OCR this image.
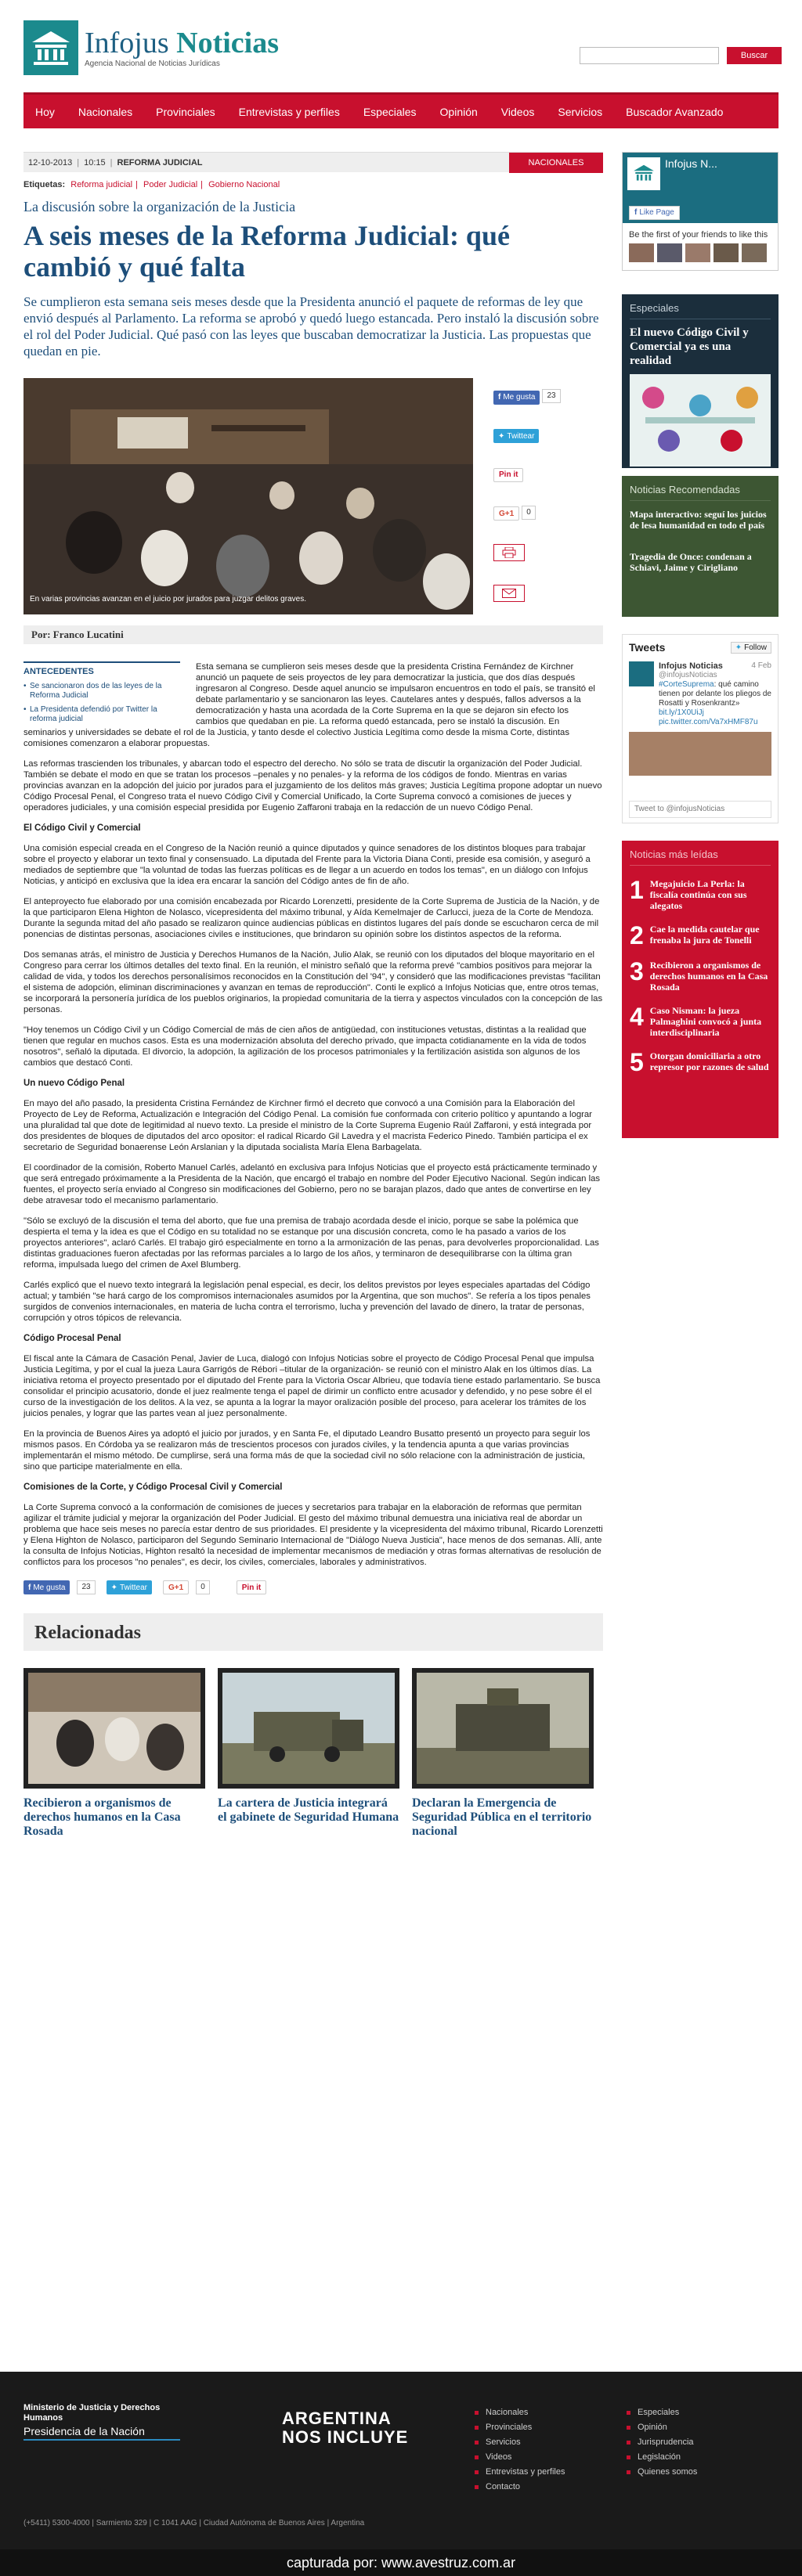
Infojus Noticias
Agencia Nacional de Noticias Jurídicas
Buscar
Hoy	Nacionales	Provinciales	Entrevistas y perfiles	Especiales	Opinión	Videos	Servicios	Buscador Avanzado
12-10-2013 | 10:15 | REFORMA JUDICIAL	NACIONALES
Etiquetas: Reforma judicial | Poder Judicial | Gobierno Nacional
La discusión sobre la organización de la Justicia
A seis meses de la Reforma Judicial: qué cambió y qué falta
Se cumplieron esta semana seis meses desde que la Presidenta anunció el paquete de reformas de ley que envió después al Parlamento. La reforma se aprobó y quedó luego estancada. Pero instaló la discusión sobre el rol del Poder Judicial. Qué pasó con las leyes que buscaban democratizar la Justicia. Las propuestas que quedan en pie.
En varias provincias avanzan en el juicio por jurados para juzgar delitos graves.
f Me gusta 23
✦ Twittear
Pin it
G+1 0
Por: Franco Lucatini
ANTECEDENTES
• Se sancionaron dos de las leyes de la Reforma Judicial
• La Presidenta defendió por Twitter la reforma judicial

Esta semana se cumplieron seis meses desde que la presidenta Cristina Fernández de Kirchner anunció un paquete de seis proyectos de ley para democratizar la justicia, que dos días después ingresaron al Congreso. Desde aquel anuncio se impulsaron encuentros en todo el país, se transitó el debate parlamentario y se sancionaron las leyes. Cautelares antes y después, fallos adversos a la democratización y hasta una acordada de la Corte Suprema en la que se dejaron sin efecto los cambios que quedaban en pie. La reforma quedó estancada, pero se instaló la discusión. En seminarios y universidades se debate el rol de la Justicia, y tanto desde el colectivo Justicia Legítima como desde la misma Corte, distintas comisiones comenzaron a elaborar propuestas.

Las reformas trascienden los tribunales, y abarcan todo el espectro del derecho. No sólo se trata de discutir la organización del Poder Judicial. También se debate el modo en que se tratan los procesos –penales y no penales- y la reforma de los códigos de fondo. Mientras en varias provincias avanzan en la adopción del juicio por jurados para el juzgamiento de los delitos más graves; Justicia Legítima propone adoptar un nuevo Código Procesal Penal, el Congreso trata el nuevo Código Civil y Comercial Unificado, la Corte Suprema convocó a comisiones de jueces y operadores judiciales, y una comisión especial presidida por Eugenio Zaffaroni trabaja en la redacción de un nuevo Código Penal.

El Código Civil y Comercial

Una comisión especial creada en el Congreso de la Nación reunió a quince diputados y quince senadores de los distintos bloques para trabajar sobre el proyecto y elaborar un texto final y consensuado. La diputada del Frente para la Victoria Diana Conti, preside esa comisión, y aseguró a mediados de septiembre que "la voluntad de todas las fuerzas políticas es de llegar a un acuerdo en todos los temas", en un diálogo con Infojus Noticias, y anticipó en exclusiva que la idea era encarar la sanción del Código antes de fin de año.

El anteproyecto fue elaborado por una comisión encabezada por Ricardo Lorenzetti, presidente de la Corte Suprema de Justicia de la Nación, y de la que participaron Elena Highton de Nolasco, vicepresidenta del máximo tribunal, y Aída Kemelmajer de Carlucci, jueza de la Corte de Mendoza. Durante la segunda mitad del año pasado se realizaron quince audiencias públicas en distintos lugares del país donde se escucharon cerca de mil ponencias de distintas personas, asociaciones civiles e instituciones, que brindaron su opinión sobre los distintos aspectos de la reforma.

Dos semanas atrás, el ministro de Justicia y Derechos Humanos de la Nación, Julio Alak, se reunió con los diputados del bloque mayoritario en el Congreso para cerrar los últimos detalles del texto final. En la reunión, el ministro señaló que la reforma prevé "cambios positivos para mejorar la calidad de vida, y todos los derechos personalísimos reconocidos en la Constitución del '94", y consideró que las modificaciones previstas "facilitan el sistema de adopción, eliminan discriminaciones y avanzan en temas de reproducción". Conti le explicó a Infojus Noticias que, entre otros temas, se incorporará la personería jurídica de los pueblos originarios, la propiedad comunitaria de la tierra y aspectos vinculados con la concepción de las personas.

"Hoy tenemos un Código Civil y un Código Comercial de más de cien años de antigüedad, con instituciones vetustas, distintas a la realidad que tienen que regular en muchos casos. Esta es una modernización absoluta del derecho privado, que impacta cotidianamente en la vida de todos nosotros", señaló la diputada. El divorcio, la adopción, la agilización de los procesos patrimoniales y la fertilización asistida son algunos de los cambios que destacó Conti.

Un nuevo Código Penal

En mayo del año pasado, la presidenta Cristina Fernández de Kirchner firmó el decreto que convocó a una Comisión para la Elaboración del Proyecto de Ley de Reforma, Actualización e Integración del Código Penal. La comisión fue conformada con criterio político y apuntando a lograr una pluralidad tal que dote de legitimidad al nuevo texto. La preside el ministro de la Corte Suprema Eugenio Raúl Zaffaroni, y está integrada por dos presidentes de bloques de diputados del arco opositor: el radical Ricardo Gil Lavedra y el macrista Federico Pinedo. También participa el ex secretario de Seguridad bonaerense León Arslanian y la diputada socialista María Elena Barbagelata.

El coordinador de la comisión, Roberto Manuel Carlés, adelantó en exclusiva para Infojus Noticias que el proyecto está prácticamente terminado y que será entregado próximamente a la Presidenta de la Nación, que encargó el trabajo en nombre del Poder Ejecutivo Nacional. Según indican las fuentes, el proyecto sería enviado al Congreso sin modificaciones del Gobierno, pero no se barajan plazos, dado que antes de convertirse en ley debe atravesar todo el mecanismo parlamentario.

"Sólo se excluyó de la discusión el tema del aborto, que fue una premisa de trabajo acordada desde el inicio, porque se sabe la polémica que despierta el tema y la idea es que el Código en su totalidad no se estanque por una discusión concreta, como le ha pasado a varios de los proyectos anteriores", aclaró Carlés. El trabajo giró especialmente en torno a la armonización de las penas, para devolverles proporcionalidad. Las distintas graduaciones fueron afectadas por las reformas parciales a lo largo de los años, y terminaron de desequilibrarse con la última gran reforma, impulsada luego del crimen de Axel Blumberg.

Carlés explicó que el nuevo texto integrará la legislación penal especial, es decir, los delitos previstos por leyes especiales apartadas del Código actual; y también "se hará cargo de los compromisos internacionales asumidos por la Argentina, que son muchos". Se refería a los tipos penales surgidos de convenios internacionales, en materia de lucha contra el terrorismo, lucha y prevención del lavado de dinero, la tratar de personas, corrupción y otros tópicos de relevancia.

Código Procesal Penal

El fiscal ante la Cámara de Casación Penal, Javier de Luca, dialogó con Infojus Noticias sobre el proyecto de Código Procesal Penal que impulsa Justicia Legítima, y por el cual la jueza Laura Garrigós de Rébori –titular de la organización- se reunió con el ministro Alak en los últimos días. La iniciativa retoma el proyecto presentado por el diputado del Frente para la Victoria Oscar Albrieu, que todavía tiene estado parlamentario. Se busca consolidar el principio acusatorio, donde el juez realmente tenga el papel de dirimir un conflicto entre acusador y defendido, y no pese sobre él el curso de la investigación de los delitos. A la vez, se apunta a la lograr la mayor oralización posible del proceso, para acelerar los trámites de los juicios penales, y lograr que las partes vean al juez personalmente.

En la provincia de Buenos Aires ya adoptó el juicio por jurados, y en Santa Fe, el diputado Leandro Busatto presentó un proyecto para seguir los mismos pasos. En Córdoba ya se realizaron más de trescientos procesos con jurados civiles, y la tendencia apunta a que varias provincias implementarán el mismo método. De cumplirse, será una forma más de que la sociedad civil no sólo relacione con la administración de justicia, sino que participe materialmente en ella.

Comisiones de la Corte, y Código Procesal Civil y Comercial

La Corte Suprema convocó a la conformación de comisiones de jueces y secretarios para trabajar en la elaboración de reformas que permitan agilizar el trámite judicial y mejorar la organización del Poder Judicial. El gesto del máximo tribunal demuestra una iniciativa real de abordar un problema que hace seis meses no parecía estar dentro de sus prioridades. El presidente y la vicepresidenta del máximo tribunal, Ricardo Lorenzetti y Elena Highton de Nolasco, participaron del Segundo Seminario Internacional de "Diálogo Nueva Justicia", hace menos de dos semanas. Allí, ante la consulta de Infojus Noticias, Highton resaltó la necesidad de implementar mecanismos de mediación y otras formas alternativas de resolución de conflictos para los procesos "no penales", es decir, los civiles, comerciales, laborales y administrativos.

f Me gusta	23	✦ Twittear	G+1	0	Pin it
Relacionadas
Recibieron a organismos de derechos humanos en la Casa Rosada
La cartera de Justicia integrará el gabinete de Seguridad Humana
Declaran la Emergencia de Seguridad Pública en el territorio nacional
Infojus N...
f Like Page
Be the first of your friends to like this
Especiales
El nuevo Código Civil y Comercial ya es una realidad
Noticias Recomendadas
Mapa interactivo: seguí los juicios de lesa humanidad en todo el país
Tragedia de Once: condenan a Schiavi, Jaime y Cirigliano
Tweets	✦ Follow
Infojus Noticias	4 Feb
@infojusNoticias
#CorteSuprema: qué camino tienen por delante los pliegos de Rosatti y Rosenkrantz» bit.ly/1X0UiJj pic.twitter.com/Va7xHMF87u
Tweet to @infojusNoticias
Noticias más leídas
1 Megajuicio La Perla: la fiscalía continúa con sus alegatos
2 Cae la medida cautelar que frenaba la jura de Tonelli
3 Recibieron a organismos de derechos humanos en la Casa Rosada
4 Caso Nisman: la jueza Palmaghini convocó a junta interdisciplinaria
5 Otorgan domiciliaria a otro represor por razones de salud
Ministerio de Justicia y Derechos Humanos
Presidencia de la Nación
ARGENTINA
NOS INCLUYE
Nacionales
Provinciales
Servicios
Videos
Entrevistas y perfiles
Contacto
Especiales
Opinión
Jurisprudencia
Legislación
Quienes somos
(+5411) 5300-4000 | Sarmiento 329 | C 1041 AAG | Ciudad Autónoma de Buenos Aires | Argentina
capturada por: www.avestruz.com.ar
